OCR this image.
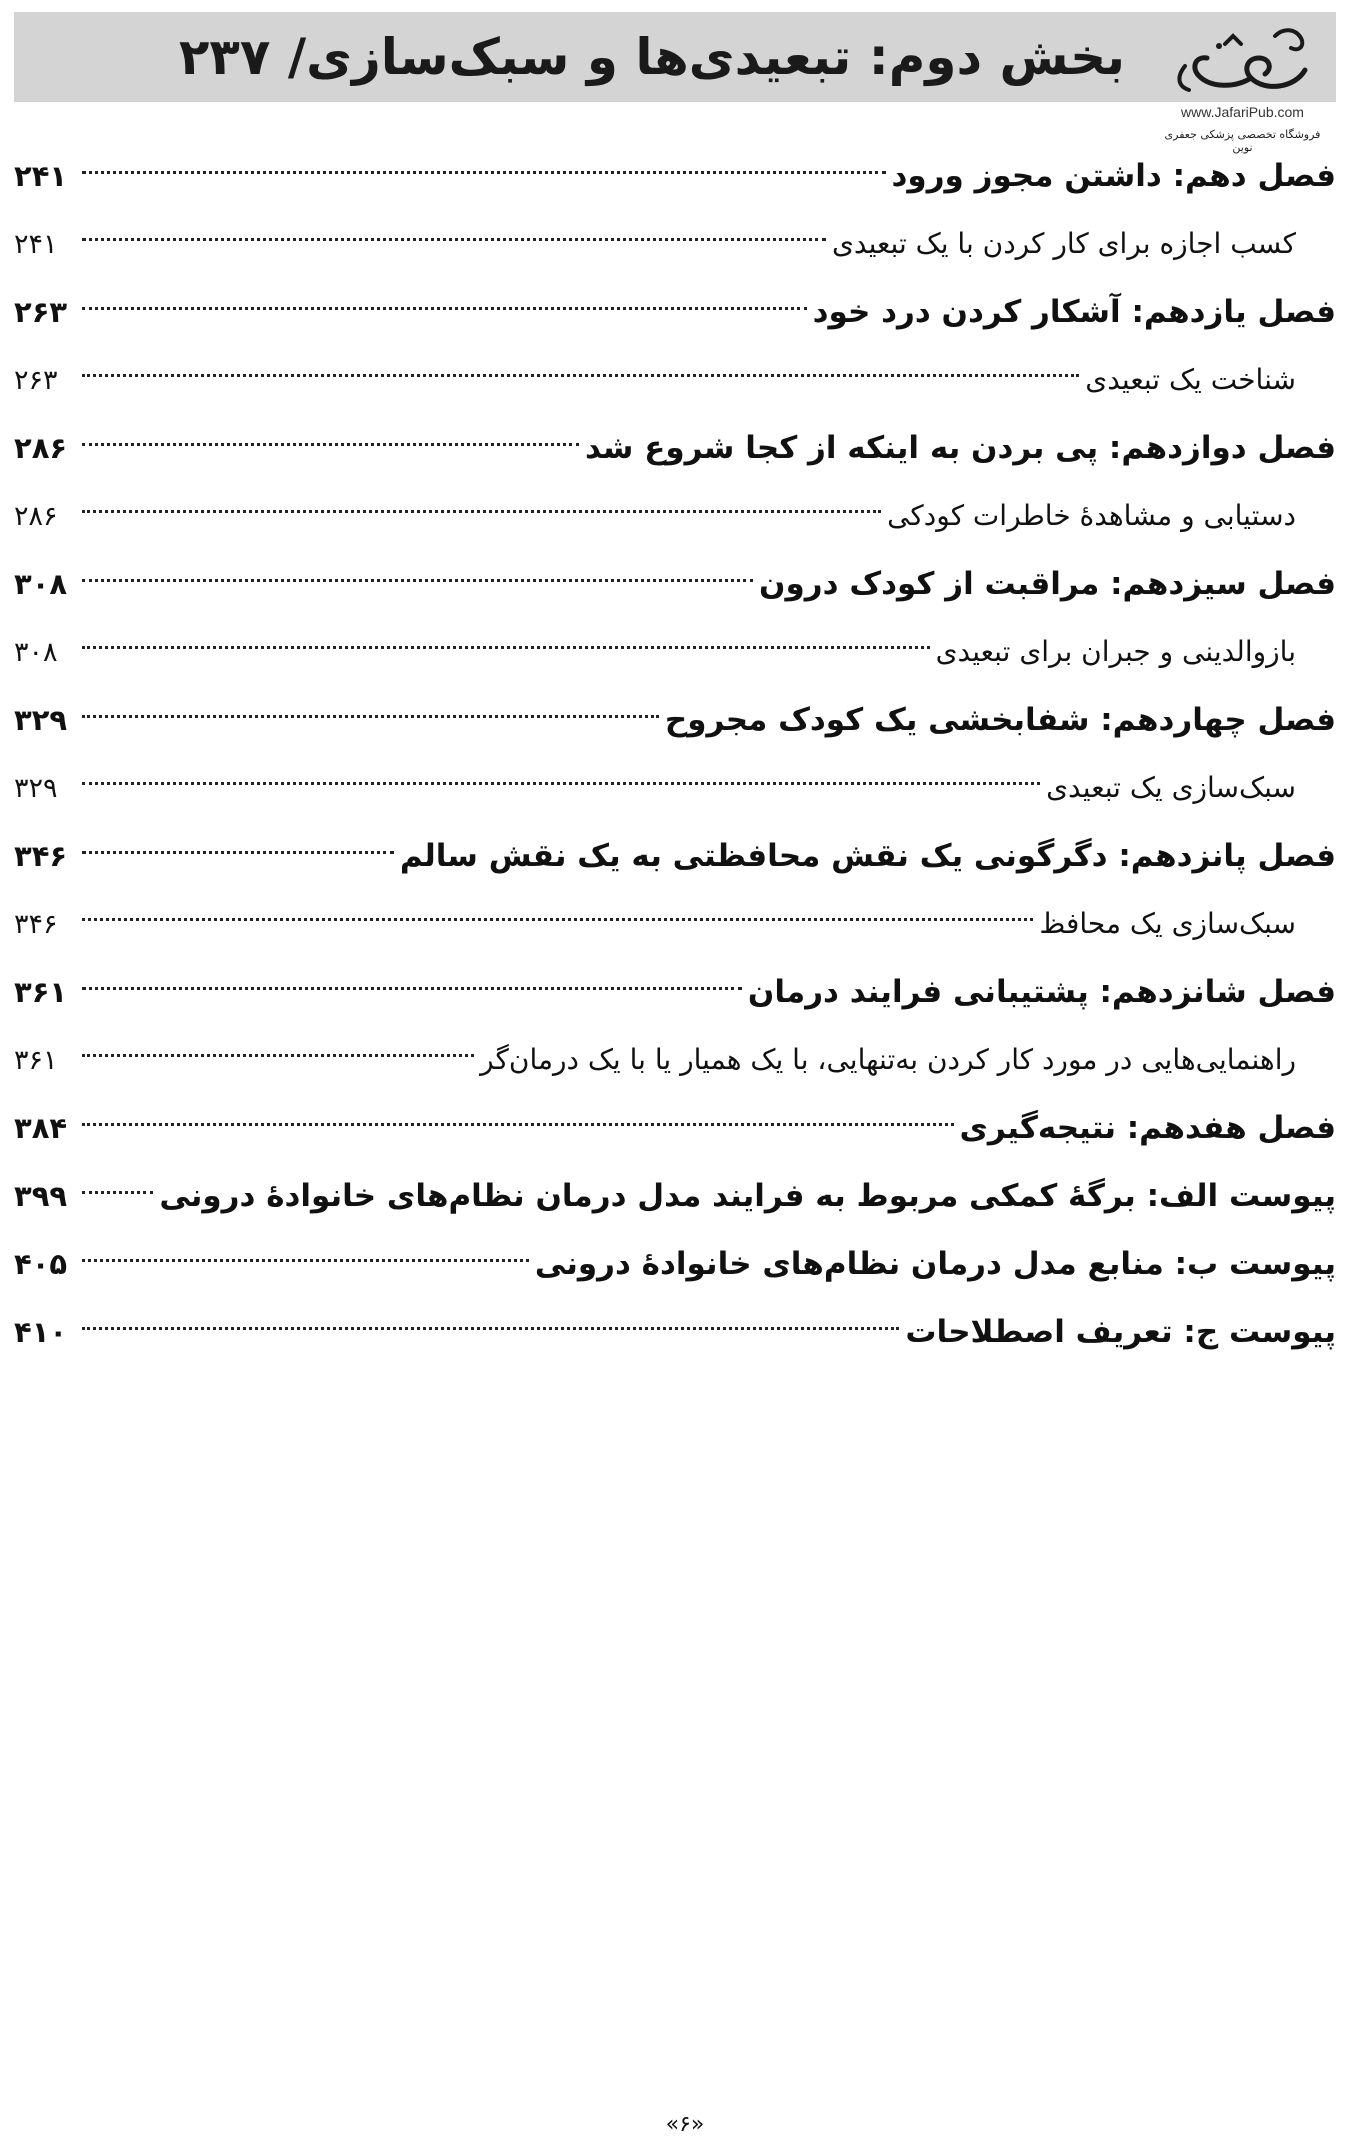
بخش دوم: تبعیدی‌ها و سبک‌سازی/ ۲۳۷
www.JafariPub.com
فروشگاه تخصصی پزشکی جعفری نوین
۲۴۱	فصل دهم: داشتن مجوز ورود
۲۴۱	کسب اجازه برای کار کردن با یک تبعیدی
۲۶۳	فصل یازدهم: آشکار کردن درد خود
۲۶۳	شناخت یک تبعیدی
۲۸۶	فصل دوازدهم: پی بردن به اینکه از کجا شروع شد
۲۸۶	دستیابی و مشاهدهٔ خاطرات کودکی
۳۰۸	فصل سیزدهم: مراقبت از کودک درون
۳۰۸	بازوالدینی و جبران برای تبعیدی
۳۲۹	فصل چهاردهم: شفابخشی یک کودک مجروح
۳۲۹	سبک‌سازی یک تبعیدی
۳۴۶	فصل پانزدهم: دگرگونی یک نقش محافظتی به یک نقش سالم
۳۴۶	سبک‌سازی یک محافظ
۳۶۱	فصل شانزدهم: پشتیبانی فرایند درمان
۳۶۱	راهنمایی‌هایی در مورد کار کردن به‌تنهایی، با یک همیار یا با یک درمان‌گر
۳۸۴	فصل هفدهم: نتیجه‌گیری
۳۹۹	پیوست الف: برگهٔ کمکی مربوط به فرایند مدل درمان نظام‌های خانوادهٔ درونی
۴۰۵	پیوست ب: منابع مدل درمان نظام‌های خانوادهٔ درونی
۴۱۰	پیوست ج: تعریف اصطلاحات
«۶»
